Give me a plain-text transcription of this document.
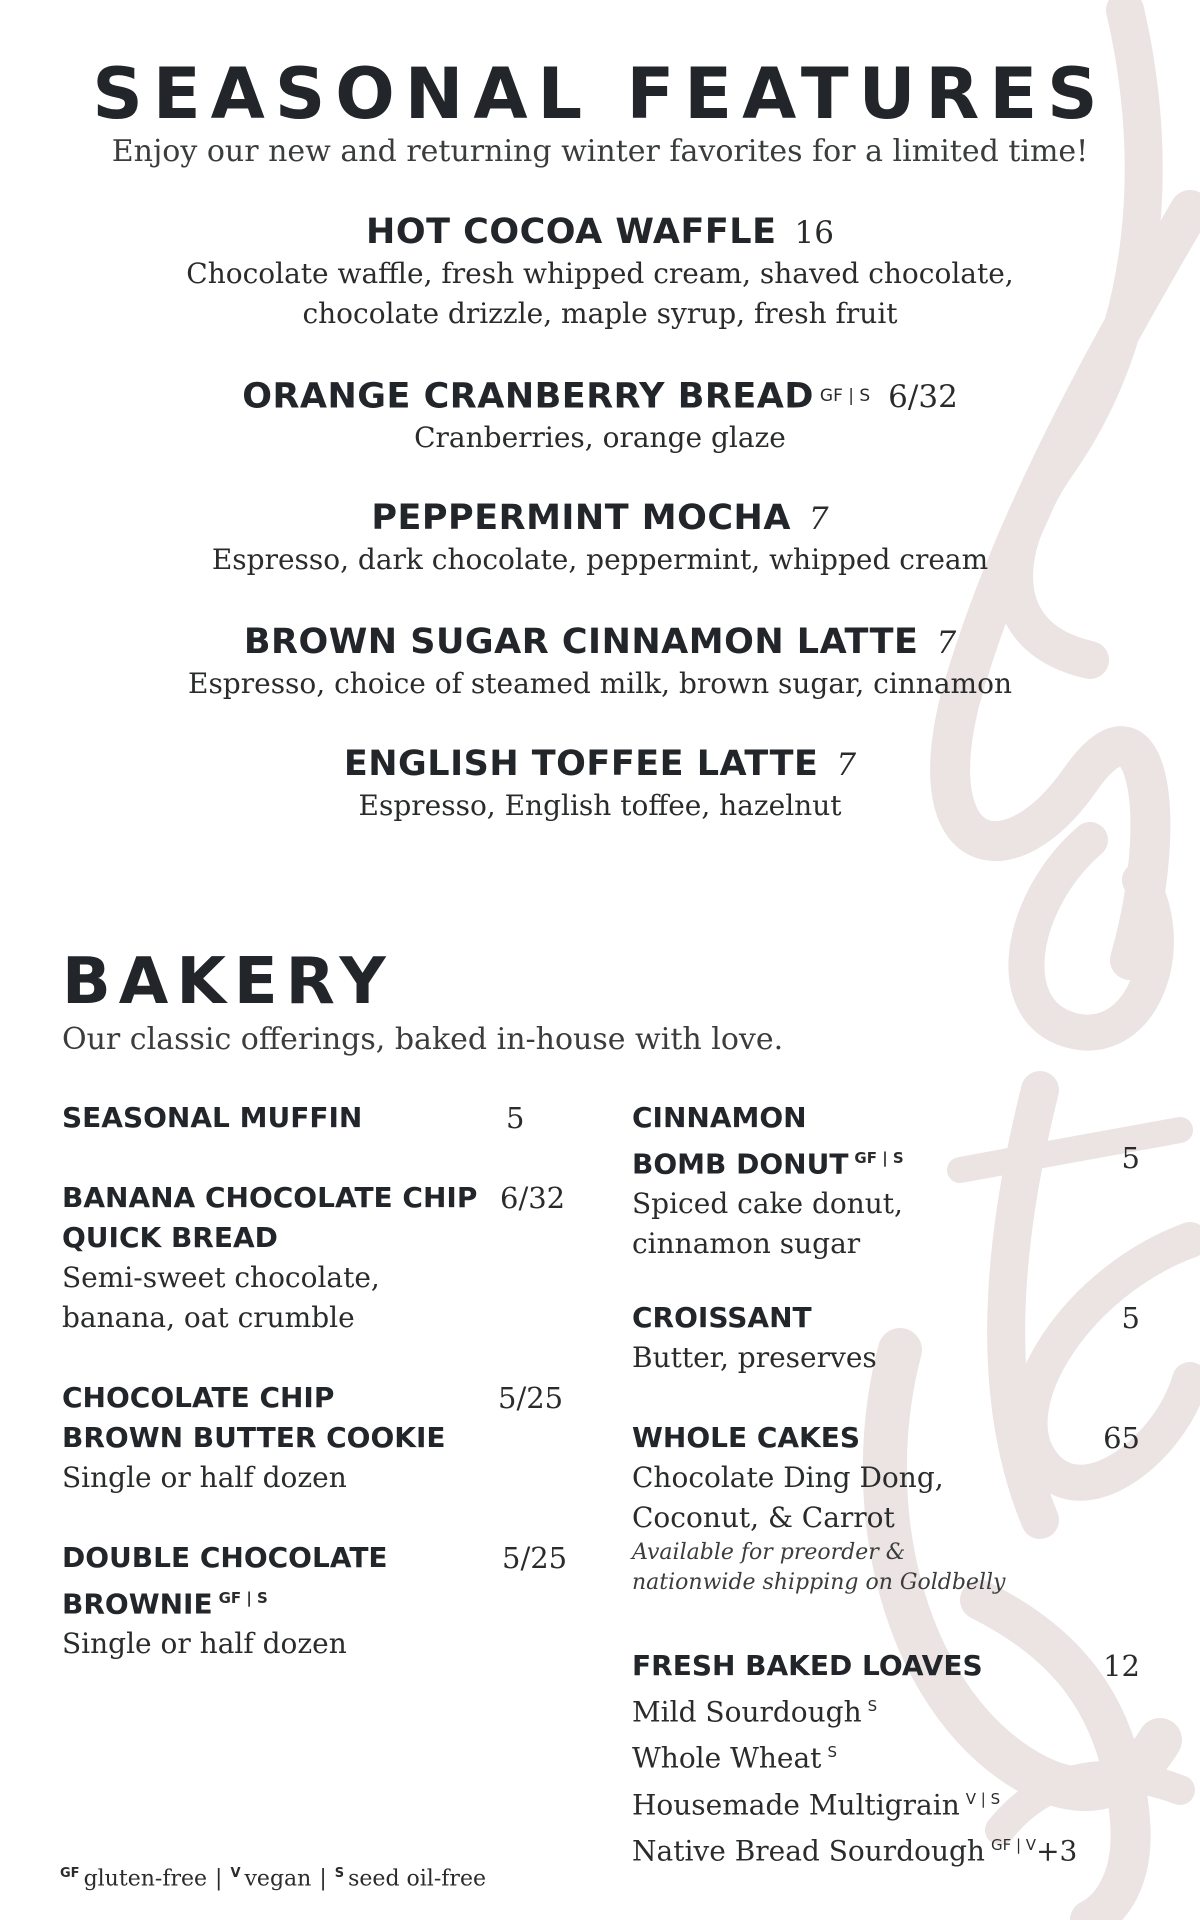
SEASONAL FEATURES
Enjoy our new and returning winter favorites for a limited time!
HOT COCOA WAFFLE 16
Chocolate waffle, fresh whipped cream, shaved chocolate,
chocolate drizzle, maple syrup, fresh fruit
ORANGE CRANBERRY BREAD GF | S 6/32
Cranberries, orange glaze
PEPPERMINT MOCHA 7
Espresso, dark chocolate, peppermint, whipped cream
BROWN SUGAR CINNAMON LATTE 7
Espresso, choice of steamed milk, brown sugar, cinnamon
ENGLISH TOFFEE LATTE 7
Espresso, English toffee, hazelnut
BAKERY
Our classic offerings, baked in-house with love.
SEASONAL MUFFIN	5
BANANA CHOCOLATE CHIP
QUICK BREAD
Semi-sweet chocolate,
banana, oat crumble
6/32
CHOCOLATE CHIP
BROWN BUTTER COOKIE
Single or half dozen
5/25
DOUBLE CHOCOLATE
BROWNIE $^{GF | S}$
Single or half dozen
5/25
CINNAMON
BOMB DONUT $^{GF | S}$
Spiced cake donut,
cinnamon sugar
5
CROISSANT
Butter, preserves
5
WHOLE CAKES
Chocolate Ding Dong,
Coconut, & Carrot
Available for preorder &
nationwide shipping on Goldbelly
65
FRESH BAKED LOAVES
Mild Sourdough $^S$
Whole Wheat $^S$
Housemade Multigrain $^{V | S}$
Native Bread Sourdough $^{GF | V}$+3
12
$^{GF}$ gluten-free | $^V$ vegan | $^S$ seed oil-free
